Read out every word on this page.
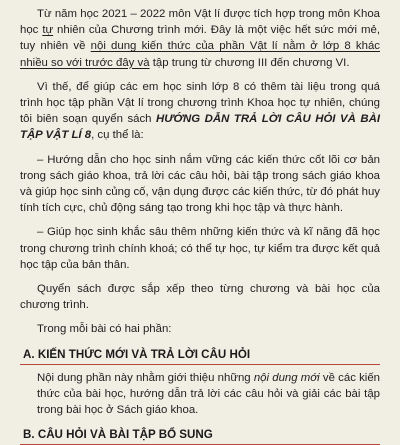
Từ năm học 2021 – 2022 môn Vật lí được tích hợp trong môn Khoa học tự nhiên của Chương trình mới. Đây là một việc hết sức mới mẻ, tuy nhiên về nội dung kiến thức của phần Vật lí nằm ở lớp 8 khác nhiều so với trước đây và tập trung từ chương III đến chương VI.

Vì thế, để giúp các em học sinh lớp 8 có thêm tài liệu trong quá trình học tập phần Vật lí trong chương trình Khoa học tự nhiên, chúng tôi biên soạn quyển sách HƯỚNG DẪN TRẢ LỜI CÂU HỎI VÀ BÀI TẬP VẬT LÍ 8, cụ thể là:

– Hướng dẫn cho học sinh nắm vững các kiến thức cốt lõi cơ bản trong sách giáo khoa, trả lời các câu hỏi, bài tập trong sách giáo khoa và giúp học sinh củng cố, vận dụng được các kiến thức, từ đó phát huy tính tích cực, chủ động sáng tạo trong khi học tập và thực hành.

– Giúp học sinh khắc sâu thêm những kiến thức và kĩ năng đã học trong chương trình chính khoá; có thể tự học, tự kiểm tra được kết quả học tập của bản thân.

Quyển sách được sắp xếp theo từng chương và bài học của chương trình.

Trong mỗi bài có hai phần:

A. KIẾN THỨC MỚI VÀ TRẢ LỜI CÂU HỎI

Nội dung phần này nhằm giới thiệu những nội dung mới về các kiến thức của bài học, hướng dẫn trả lời các câu hỏi và giải các bài tập trong bài học ở Sách giáo khoa.

B. CÂU HỎI VÀ BÀI TẬP BỔ SUNG
